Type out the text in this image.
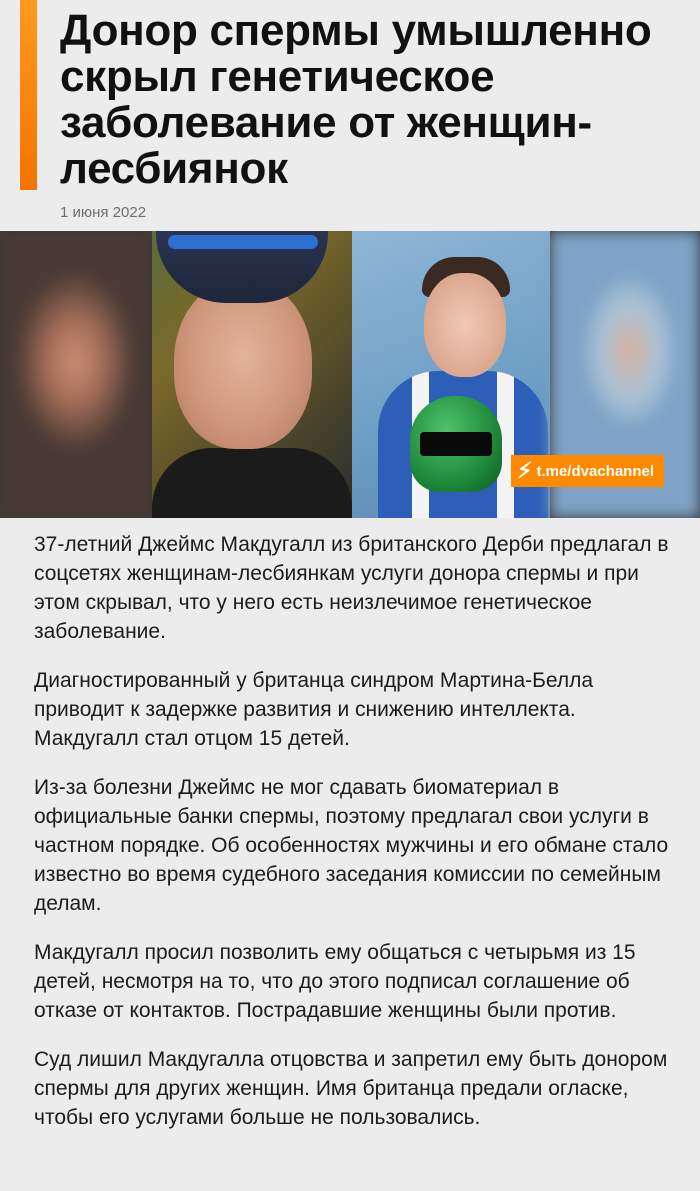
Донор спермы умышленно скрыл генетическое заболевание от женщин-лесбиянок
1 июня 2022
⚡︎ t.me/dvachannel

37-летний Джеймс Макдугалл из британского Дерби предлагал в соцсетях женщинам-лесбиянкам услуги донора спермы и при этом скрывал, что у него есть неизлечимое генетическое заболевание.

Диагностированный у британца синдром Мартина-Белла приводит к задержке развития и снижению интеллекта. Макдугалл стал отцом 15 детей.

Из-за болезни Джеймс не мог сдавать биоматериал в официальные банки спермы, поэтому предлагал свои услуги в частном порядке. Об особенностях мужчины и его обмане стало известно во время судебного заседания комиссии по семейным делам.

Макдугалл просил позволить ему общаться с четырьмя из 15 детей, несмотря на то, что до этого подписал соглашение об отказе от контактов. Пострадавшие женщины были против.

Суд лишил Макдугалла отцовства и запретил ему быть донором спермы для других женщин. Имя британца предали огласке, чтобы его услугами больше не пользовались.
